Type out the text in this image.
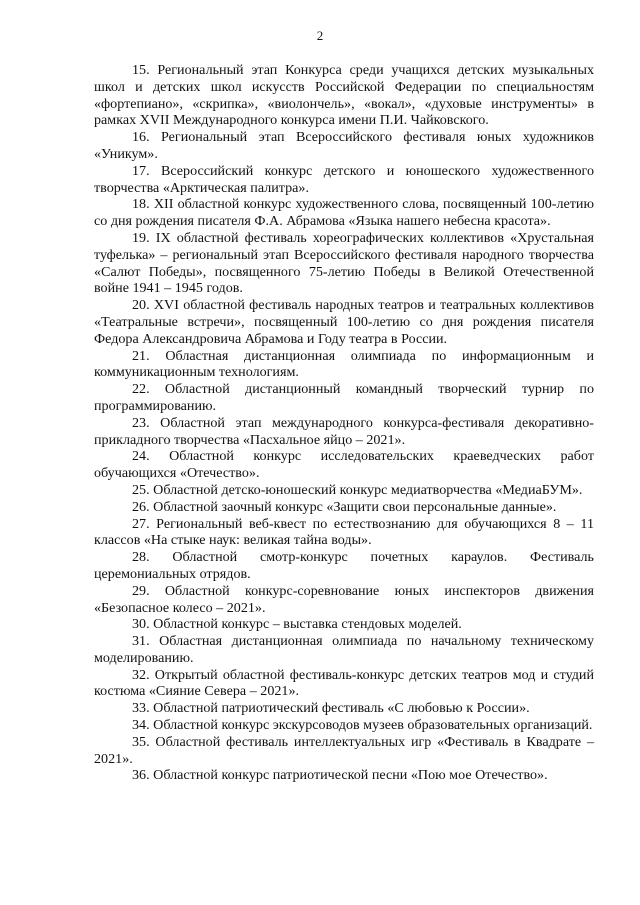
2

15. Региональный этап Конкурса среди учащихся детских музыкальных школ и детских школ искусств Российской Федерации по специальностям «фортепиано», «скрипка», «виолончель», «вокал», «духовые инструменты» в рамках XVII Международного конкурса имени П.И. Чайковского.

16. Региональный этап Всероссийского фестиваля юных художников «Уникум».

17. Всероссийский конкурс детского и юношеского художественного творчества «Арктическая палитра».

18. XII областной конкурс художественного слова, посвященный 100-летию со дня рождения писателя Ф.А. Абрамова «Языка нашего небесна красота».

19. IX областной фестиваль хореографических коллективов «Хрустальная туфелька» – региональный этап Всероссийского фестиваля народного творчества «Салют Победы», посвященного 75-летию Победы в Великой Отечественной войне 1941 – 1945 годов.

20. XVI областной фестиваль народных театров и театральных коллективов «Театральные встречи», посвященный 100-летию со дня рождения писателя Федора Александровича Абрамова и Году театра в России.

21. Областная дистанционная олимпиада по информационным и коммуникационным технологиям.

22. Областной дистанционный командный творческий турнир по программированию.

23. Областной этап международного конкурса-фестиваля декоративно-прикладного творчества «Пасхальное яйцо – 2021».

24. Областной конкурс исследовательских краеведческих работ обучающихся «Отечество».

25. Областной детско-юношеский конкурс медиатворчества «МедиаБУМ».

26. Областной заочный конкурс «Защити свои персональные данные».

27. Региональный веб-квест по естествознанию для обучающихся 8 – 11 классов «На стыке наук: великая тайна воды».

28. Областной смотр-конкурс почетных караулов. Фестиваль церемониальных отрядов.

29. Областной конкурс-соревнование юных инспекторов движения «Безопасное колесо – 2021».

30. Областной конкурс – выставка стендовых моделей.

31. Областная дистанционная олимпиада по начальному техническому моделированию.

32. Открытый областной фестиваль-конкурс детских театров мод и студий костюма «Сияние Севера – 2021».

33. Областной патриотический фестиваль «С любовью к России».

34. Областной конкурс экскурсоводов музеев образовательных организаций.

35. Областной фестиваль интеллектуальных игр «Фестиваль в Квадрате – 2021».

36. Областной конкурс патриотической песни «Пою мое Отечество».
